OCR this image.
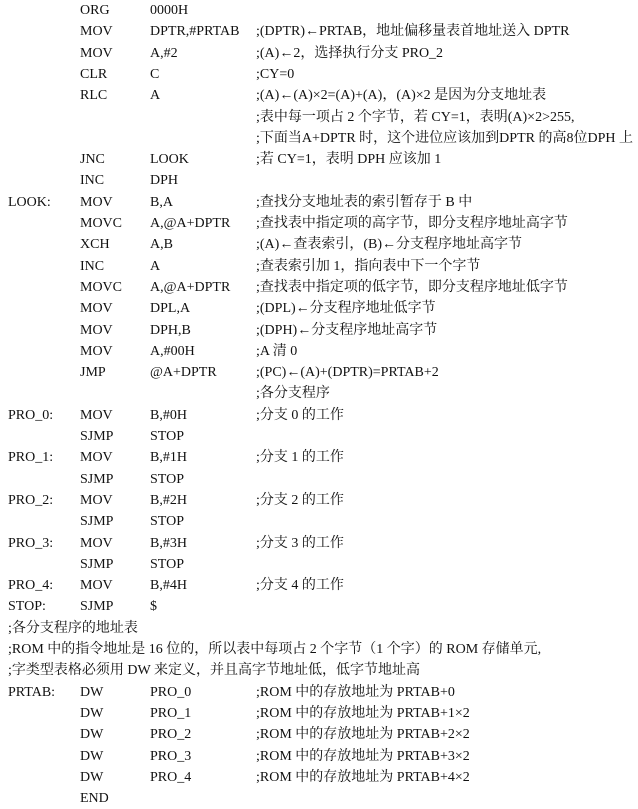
ORG	0000H
MOV	DPTR,#PRTAB ;(DPTR)←PRTAB，地址偏移量表首地址送入 DPTR
MOV	A,#2	;(A)←2，选择执行分支 PRO_2
CLR	C	;CY=0
RLC	A	;(A)←(A)×2=(A)+(A)，(A)×2 是因为分支地址表
;表中每一项占 2 个字节，若 CY=1，表明(A)×2>255,
;下面当A+DPTR 时，这个进位应该加到DPTR 的高8位DPH 上
JNC	LOOK	;若 CY=1，表明 DPH 应该加 1
INC	DPH
LOOK: MOV	B,A	;查找分支地址表的索引暂存于 B 中
MOVC A,@A+DPTR ;查找表中指定项的高字节，即分支程序地址高字节
XCH	A,B	;(A)←查表索引，(B)←分支程序地址高字节
INC	A	;查表索引加 1，指向表中下一个字节
MOVC A,@A+DPTR ;查找表中指定项的低字节，即分支程序地址低字节
MOV	DPL,A	;(DPL)←分支程序地址低字节
MOV	DPH,B	;(DPH)←分支程序地址高字节
MOV	A,#00H	;A 清 0
JMP	@A+DPTR	;(PC)←(A)+(DPTR)=PRTAB+2
;各分支程序
PRO_0: MOV	B,#0H	;分支 0 的工作
SJMP	STOP
PRO_1: MOV	B,#1H	;分支 1 的工作
SJMP	STOP
PRO_2: MOV	B,#2H	;分支 2 的工作
SJMP	STOP
PRO_3: MOV	B,#3H	;分支 3 的工作
SJMP	STOP
PRO_4: MOV	B,#4H	;分支 4 的工作
STOP: SJMP	$
;各分支程序的地址表
;ROM 中的指令地址是 16 位的，所以表中每项占 2 个字节（1 个字）的 ROM 存储单元,
;字类型表格必须用 DW 来定义，并且高字节地址低，低字节地址高
PRTAB: DW	PRO_0	;ROM 中的存放地址为 PRTAB+0
DW	PRO_1	;ROM 中的存放地址为 PRTAB+1×2
DW	PRO_2	;ROM 中的存放地址为 PRTAB+2×2
DW	PRO_3	;ROM 中的存放地址为 PRTAB+3×2
DW	PRO_4	;ROM 中的存放地址为 PRTAB+4×2
END
